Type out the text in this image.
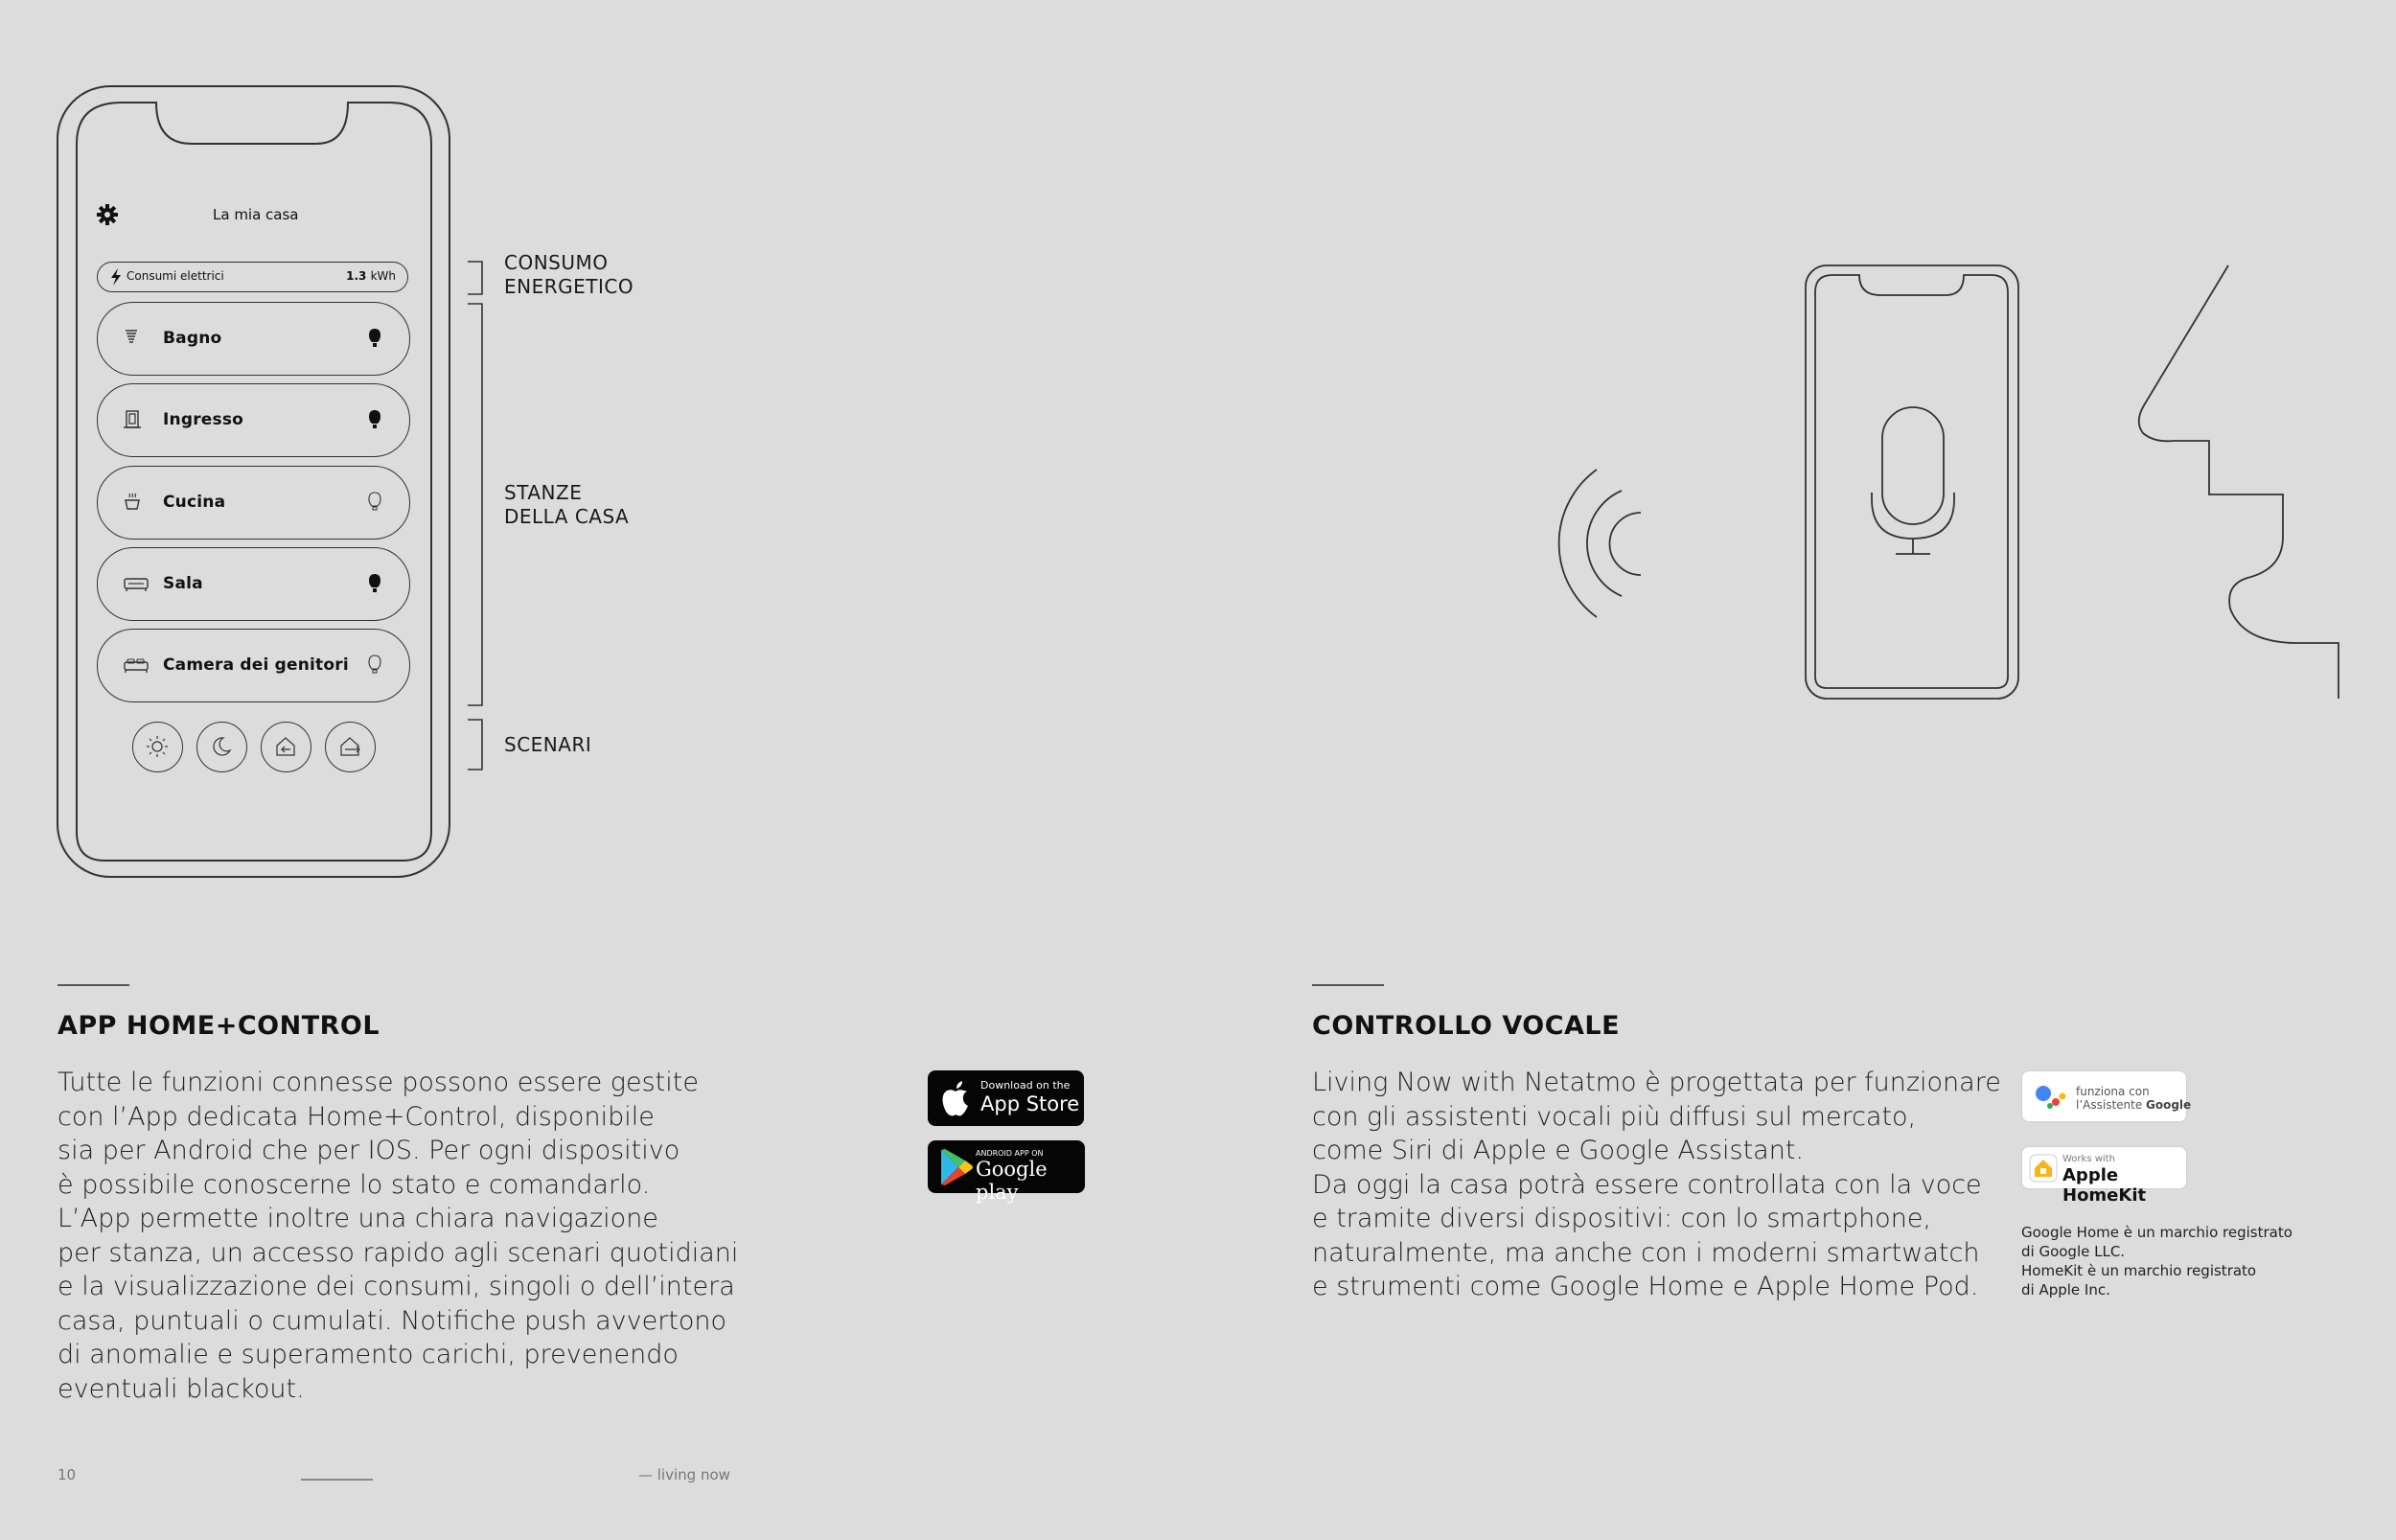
La mia casa
Consumi elettrici	1.3 kWh
Bagno
Ingresso
Cucina
Sala
Camera dei genitori
CONSUMO
ENERGETICO
STANZE
DELLA CASA
SCENARI
APP HOME+CONTROL
Tutte le funzioni connesse possono essere gestite
con l’App dedicata Home+Control, disponibile
sia per Android che per IOS. Per ogni dispositivo
è possibile conoscerne lo stato e comandarlo.
L’App permette inoltre una chiara navigazione
per stanza, un accesso rapido agli scenari quotidiani
e la visualizzazione dei consumi, singoli o dell’intera
casa, puntuali o cumulati. Notifiche push avvertono
di anomalie e superamento carichi, prevenendo
eventuali blackout.
Download on the
App Store
ANDROID APP ON
Google play
CONTROLLO VOCALE
Living Now with Netatmo è progettata per funzionare
con gli assistenti vocali più diffusi sul mercato,
come Siri di Apple e Google Assistant.
Da oggi la casa potrà essere controllata con la voce
e tramite diversi dispositivi: con lo smartphone,
naturalmente, ma anche con i moderni smartwatch
e strumenti come Google Home e Apple Home Pod.
funziona con
l’Assistente Google
Works with
Apple HomeKit
Google Home è un marchio registrato
di Google LLC.
HomeKit è un marchio registrato
di Apple Inc.
10	— living now
